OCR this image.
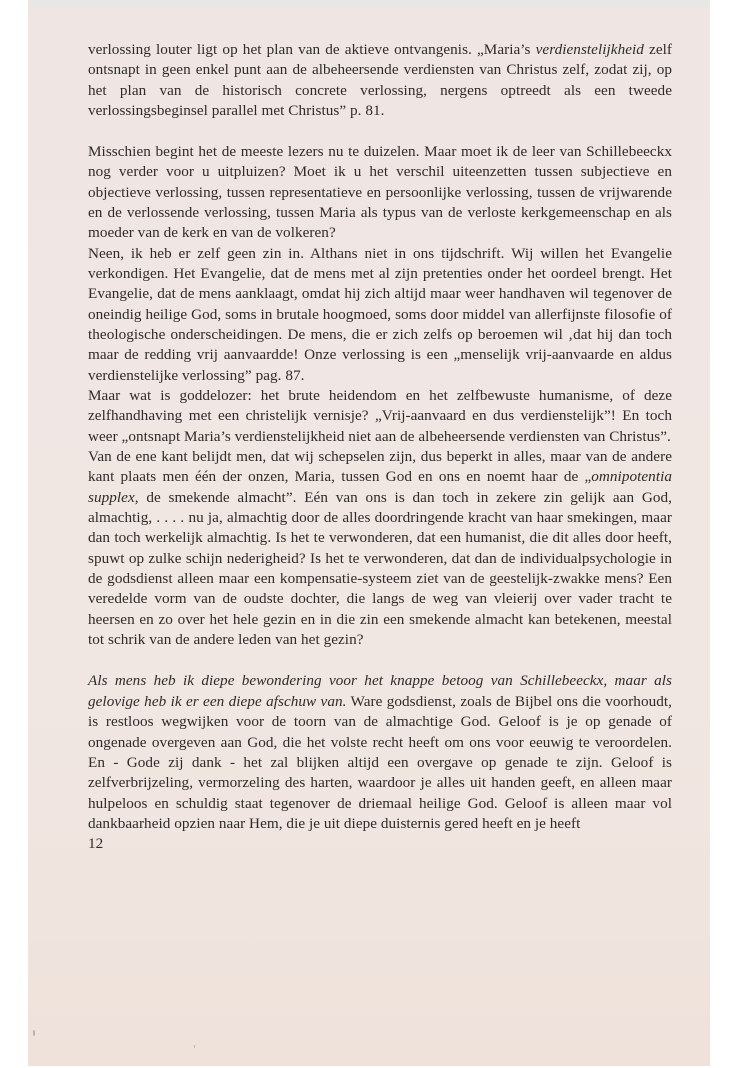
verlossing louter ligt op het plan van de aktieve ontvangenis. „Maria’s verdienstelijkheid zelf ontsnapt in geen enkel punt aan de albeheersende verdiensten van Christus zelf, zodat zij, op het plan van de historisch concrete verlossing, nergens optreedt als een tweede verlossingsbeginsel parallel met Christus” p. 81.

Misschien begint het de meeste lezers nu te duizelen. Maar moet ik de leer van Schillebeeckx nog verder voor u uitpluizen? Moet ik u het verschil uiteenzetten tussen subjectieve en objectieve verlossing, tussen representatieve en persoonlijke verlossing, tussen de vrijwarende en de verlossende verlossing, tussen Maria als typus van de verloste kerkgemeenschap en als moeder van de kerk en van de volkeren?

Neen, ik heb er zelf geen zin in. Althans niet in ons tijdschrift. Wij willen het Evangelie verkondigen. Het Evangelie, dat de mens met al zijn pretenties onder het oordeel brengt. Het Evangelie, dat de mens aanklaagt, omdat hij zich altijd maar weer handhaven wil tegenover de oneindig heilige God, soms in brutale hoogmoed, soms door middel van allerfijnste filosofie of theologische onderscheidingen. De mens, die er zich zelfs op beroemen wil ‚dat hij dan toch maar de redding vrij aanvaardde! Onze verlossing is een „menselijk vrij-aanvaarde en aldus verdienstelijke verlossing” pag. 87.

Maar wat is goddelozer: het brute heidendom en het zelfbewuste humanisme, of deze zelfhandhaving met een christelijk vernisje? „Vrij-aanvaard en dus verdienstelijk”! En toch weer „ontsnapt Maria’s verdienstelijkheid niet aan de albeheersende verdiensten van Christus”.

Van de ene kant belijdt men, dat wij schepselen zijn, dus beperkt in alles, maar van de andere kant plaats men één der onzen, Maria, tussen God en ons en noemt haar de „omnipotentia supplex, de smekende almacht”. Eén van ons is dan toch in zekere zin gelijk aan God, almachtig, . . . . nu ja, almachtig door de alles doordringende kracht van haar smekingen, maar dan toch werkelijk almachtig. Is het te verwonderen, dat een humanist, die dit alles door heeft, spuwt op zulke schijn nederigheid? Is het te verwonderen, dat dan de individualpsychologie in de godsdienst alleen maar een kompensatie-systeem ziet van de geestelijk-zwakke mens? Een veredelde vorm van de oudste dochter, die langs de weg van vleierij over vader tracht te heersen en zo over het hele gezin en in die zin een smekende almacht kan betekenen, meestal tot schrik van de andere leden van het gezin?

Als mens heb ik diepe bewondering voor het knappe betoog van Schillebeeckx, maar als gelovige heb ik er een diepe afschuw van. Ware godsdienst, zoals de Bijbel ons die voorhoudt, is restloos wegwijken voor de toorn van de almachtige God. Geloof is je op genade of ongenade overgeven aan God, die het volste recht heeft om ons voor eeuwig te veroordelen. En - Gode zij dank - het zal blijken altijd een overgave op genade te zijn. Geloof is zelfverbrijzeling, vermorzeling des harten, waardoor je alles uit handen geeft, en alleen maar hulpeloos en schuldig staat tegenover de driemaal heilige God. Geloof is alleen maar vol dankbaarheid opzien naar Hem, die je uit diepe duisternis gered heeft en je heeft

12
